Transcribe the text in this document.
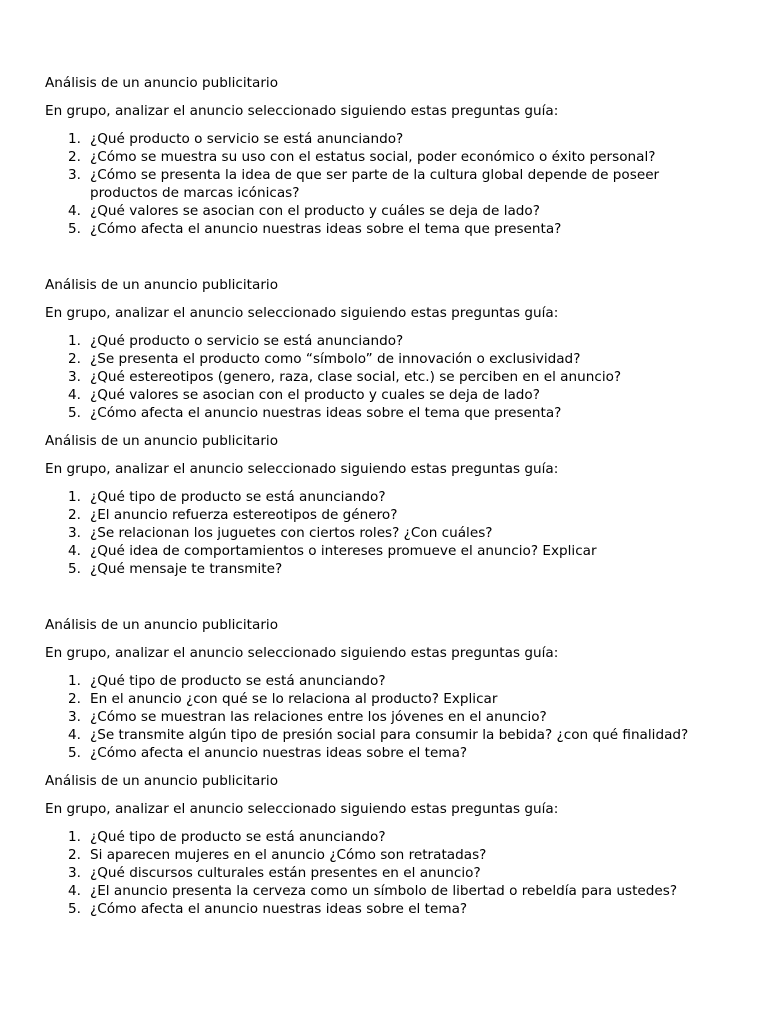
Análisis de un anuncio publicitario

En grupo, analizar el anuncio seleccionado siguiendo estas preguntas guía:

1. ¿Qué producto o servicio se está anunciando?
2. ¿Cómo se muestra su uso con el estatus social, poder económico o éxito personal?
3. ¿Cómo se presenta la idea de que ser parte de la cultura global depende de poseer
productos de marcas icónicas?
4. ¿Qué valores se asocian con el producto y cuáles se deja de lado?
5. ¿Cómo afecta el anuncio nuestras ideas sobre el tema que presenta?

Análisis de un anuncio publicitario

En grupo, analizar el anuncio seleccionado siguiendo estas preguntas guía:

1. ¿Qué producto o servicio se está anunciando?
2. ¿Se presenta el producto como “símbolo” de innovación o exclusividad?
3. ¿Qué estereotipos (genero, raza, clase social, etc.) se perciben en el anuncio?
4. ¿Qué valores se asocian con el producto y cuales se deja de lado?
5. ¿Cómo afecta el anuncio nuestras ideas sobre el tema que presenta?

Análisis de un anuncio publicitario

En grupo, analizar el anuncio seleccionado siguiendo estas preguntas guía:

1. ¿Qué tipo de producto se está anunciando?
2. ¿El anuncio refuerza estereotipos de género?
3. ¿Se relacionan los juguetes con ciertos roles? ¿Con cuáles?
4. ¿Qué idea de comportamientos o intereses promueve el anuncio? Explicar
5. ¿Qué mensaje te transmite?

Análisis de un anuncio publicitario

En grupo, analizar el anuncio seleccionado siguiendo estas preguntas guía:

1. ¿Qué tipo de producto se está anunciando?
2. En el anuncio ¿con qué se lo relaciona al producto? Explicar
3. ¿Cómo se muestran las relaciones entre los jóvenes en el anuncio?
4. ¿Se transmite algún tipo de presión social para consumir la bebida? ¿con qué finalidad?
5. ¿Cómo afecta el anuncio nuestras ideas sobre el tema?

Análisis de un anuncio publicitario

En grupo, analizar el anuncio seleccionado siguiendo estas preguntas guía:

1. ¿Qué tipo de producto se está anunciando?
2. Si aparecen mujeres en el anuncio ¿Cómo son retratadas?
3. ¿Qué discursos culturales están presentes en el anuncio?
4. ¿El anuncio presenta la cerveza como un símbolo de libertad o rebeldía para ustedes?
5. ¿Cómo afecta el anuncio nuestras ideas sobre el tema?
